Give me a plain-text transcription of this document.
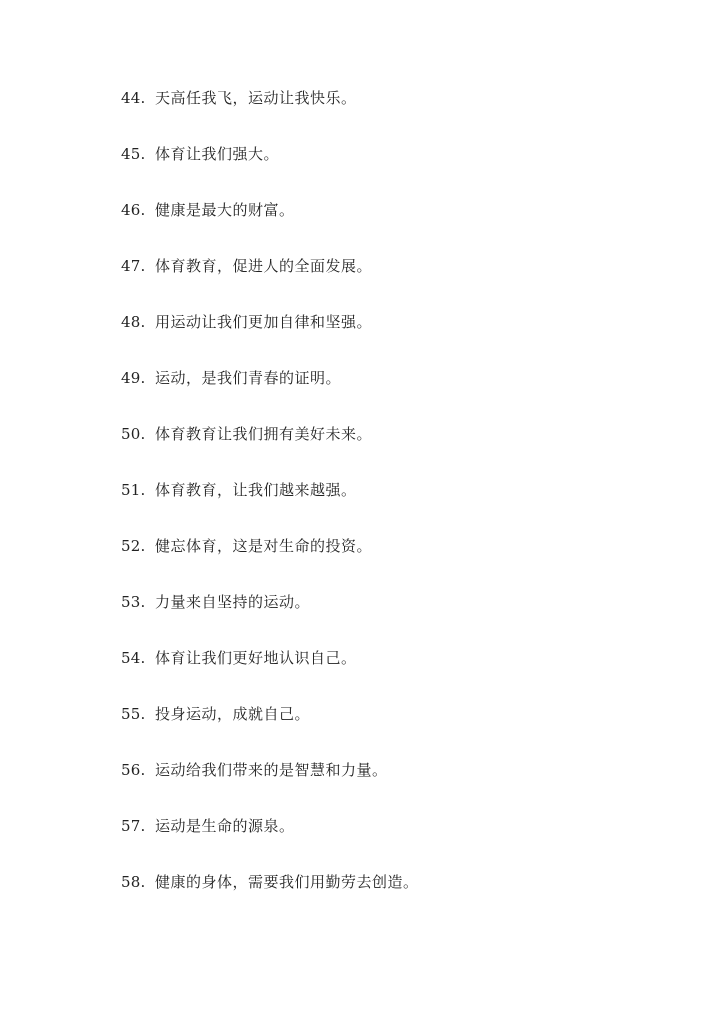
44. 天高任我飞，运动让我快乐。
45. 体育让我们强大。
46. 健康是最大的财富。
47. 体育教育，促进人的全面发展。
48. 用运动让我们更加自律和坚强。
49. 运动，是我们青春的证明。
50. 体育教育让我们拥有美好未来。
51. 体育教育，让我们越来越强。
52. 健忘体育，这是对生命的投资。
53. 力量来自坚持的运动。
54. 体育让我们更好地认识自己。
55. 投身运动，成就自己。
56. 运动给我们带来的是智慧和力量。
57. 运动是生命的源泉。
58. 健康的身体，需要我们用勤劳去创造。
